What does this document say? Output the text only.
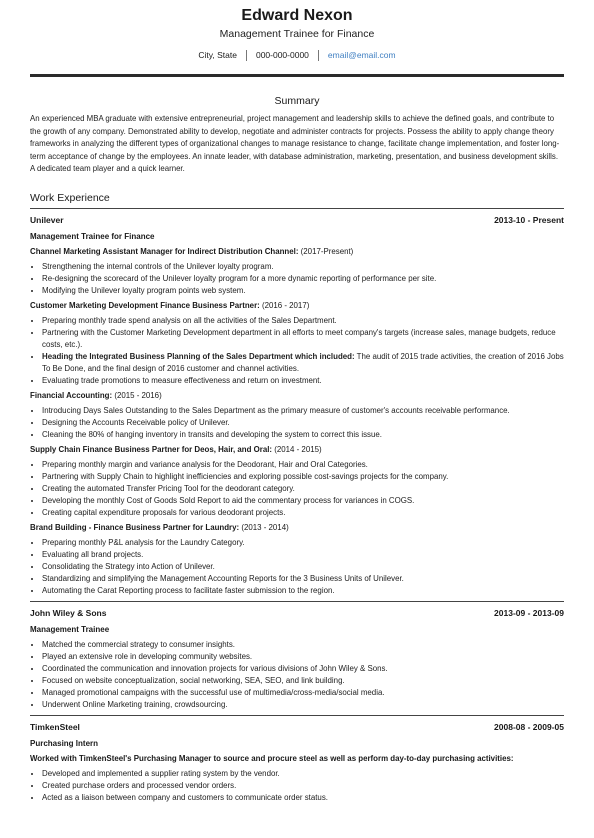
Edward Nexon
Management Trainee for Finance
City, State 000-000-0000 email@email.com
Summary
An experienced MBA graduate with extensive entrepreneurial, project management and leadership skills to achieve the defined goals, and contribute to the growth of any company. Demonstrated ability to develop, negotiate and administer contracts for projects. Possess the ability to apply change theory frameworks in analyzing the different types of organizational changes to manage resistance to change, facilitate change implementation, and foster long-term acceptance of change by the employees. An innate leader, with database administration, marketing, presentation, and business development skills. A dedicated team player and a quick learner.
Work Experience
Unilever	2013-10 - Present
Management Trainee for Finance
Channel Marketing Assistant Manager for Indirect Distribution Channel: (2017-Present)
• Strengthening the internal controls of the Unilever loyalty program.
• Re-designing the scorecard of the Unilever loyalty program for a more dynamic reporting of performance per site.
• Modifying the Unilever loyalty program points web system.
Customer Marketing Development Finance Business Partner: (2016 - 2017)
• Preparing monthly trade spend analysis on all the activities of the Sales Department.
• Partnering with the Customer Marketing Development department in all efforts to meet company's targets (increase sales, manage budgets, reduce costs, etc.).
• Heading the Integrated Business Planning of the Sales Department which included: The audit of 2015 trade activities, the creation of 2016 Jobs To Be Done, and the final design of 2016 customer and channel activities.
• Evaluating trade promotions to measure effectiveness and return on investment.
Financial Accounting: (2015 - 2016)
• Introducing Days Sales Outstanding to the Sales Department as the primary measure of customer's accounts receivable performance.
• Designing the Accounts Receivable policy of Unilever.
• Cleaning the 80% of hanging inventory in transits and developing the system to correct this issue.
Supply Chain Finance Business Partner for Deos, Hair, and Oral: (2014 - 2015)
• Preparing monthly margin and variance analysis for the Deodorant, Hair and Oral Categories.
• Partnering with Supply Chain to highlight inefficiencies and exploring possible cost-savings projects for the company.
• Creating the automated Transfer Pricing Tool for the deodorant category.
• Developing the monthly Cost of Goods Sold Report to aid the commentary process for variances in COGS.
• Creating capital expenditure proposals for various deodorant projects.
Brand Building - Finance Business Partner for Laundry: (2013 - 2014)
• Preparing monthly P&L analysis for the Laundry Category.
• Evaluating all brand projects.
• Consolidating the Strategy into Action of Unilever.
• Standardizing and simplifying the Management Accounting Reports for the 3 Business Units of Unilever.
• Automating the Carat Reporting process to facilitate faster submission to the region.
John Wiley & Sons	2013-09 - 2013-09
Management Trainee
• Matched the commercial strategy to consumer insights.
• Played an extensive role in developing community websites.
• Coordinated the communication and innovation projects for various divisions of John Wiley & Sons.
• Focused on website conceptualization, social networking, SEA, SEO, and link building.
• Managed promotional campaigns with the successful use of multimedia/cross-media/social media.
• Underwent Online Marketing training, crowdsourcing.
TimkenSteel	2008-08 - 2009-05
Purchasing Intern
Worked with TimkenSteel's Purchasing Manager to source and procure steel as well as perform day-to-day purchasing activities:
• Developed and implemented a supplier rating system by the vendor.
• Created purchase orders and processed vendor orders.
• Acted as a liaison between company and customers to communicate order status.
